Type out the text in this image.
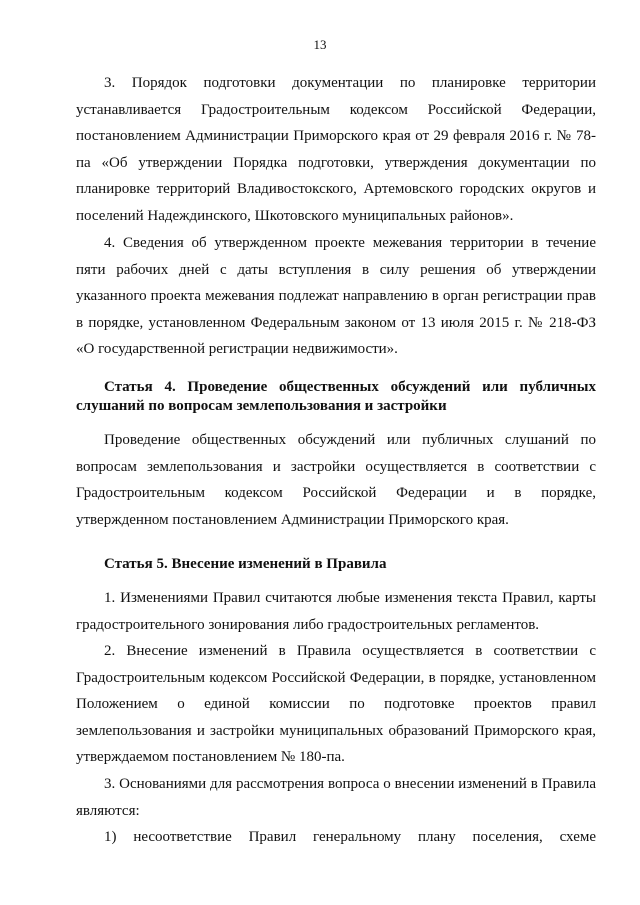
13

3. Порядок подготовки документации по планировке территории устанавливается Градостроительным кодексом Российской Федерации, постановлением Администрации Приморского края от 29 февраля 2016 г. № 78-па «Об утверждении Порядка подготовки, утверждения документации по планировке территорий Владивостокского, Артемовского городских округов и поселений Надеждинского, Шкотовского муниципальных районов».

4. Сведения об утвержденном проекте межевания территории в течение пяти рабочих дней с даты вступления в силу решения об утверждении указанного проекта межевания подлежат направлению в орган регистрации прав в порядке, установленном Федеральным законом от 13 июля 2015 г. № 218-ФЗ «О государственной регистрации недвижимости».

Статья 4. Проведение общественных обсуждений или публичных
слушаний по вопросам землепользования и застройки

Проведение общественных обсуждений или публичных слушаний по вопросам землепользования и застройки осуществляется в соответствии с Градостроительным кодексом Российской Федерации и в порядке, утвержденном постановлением Администрации Приморского края.

Статья 5. Внесение изменений в Правила

1. Изменениями Правил считаются любые изменения текста Правил, карты градостроительного зонирования либо градостроительных регламентов.

2. Внесение изменений в Правила осуществляется в соответствии с Градостроительным кодексом Российской Федерации, в порядке, установленном Положением о единой комиссии по подготовке проектов правил землепользования и застройки муниципальных образований Приморского края, утверждаемом постановлением № 180-па.

3. Основаниями для рассмотрения вопроса о внесении изменений в Правила являются:

1) несоответствие Правил генеральному плану поселения, схеме
